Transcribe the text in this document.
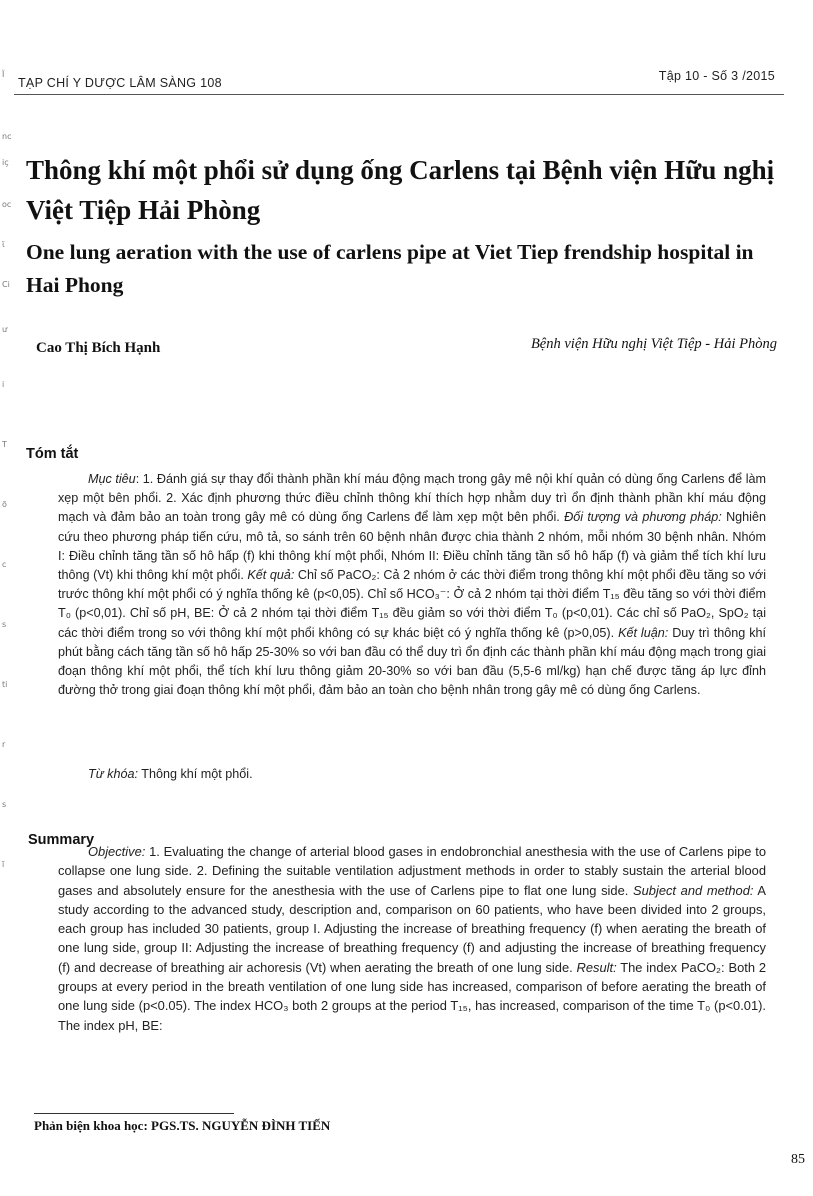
Ϊ
nc
iç
oc
ϊ
Ci
ư
i
T
õ
c
s
ti
r
s
ĩ
TẠP CHÍ Y DƯỢC LÂM SÀNG 108	Tập 10 - Số 3 /2015
Thông khí một phổi sử dụng ống Carlens tại Bệnh viện Hữu nghị Việt Tiệp Hải Phòng
One lung aeration with the use of carlens pipe at Viet Tiep frendship hospital in Hai Phong
Cao Thị Bích Hạnh	Bệnh viện Hữu nghị Việt Tiệp - Hải Phòng
Tóm tắt
Mục tiêu: 1. Đánh giá sự thay đổi thành phần khí máu động mạch trong gây mê nội khí quản có dùng ống Carlens để làm xẹp một bên phổi. 2. Xác định phương thức điều chỉnh thông khí thích hợp nhằm duy trì ổn định thành phần khí máu động mạch và đảm bảo an toàn trong gây mê có dùng ống Carlens để làm xẹp một bên phổi. Đối tượng và phương pháp: Nghiên cứu theo phương pháp tiến cứu, mô tả, so sánh trên 60 bệnh nhân được chia thành 2 nhóm, mỗi nhóm 30 bệnh nhân. Nhóm I: Điều chỉnh tăng tần số hô hấp (f) khi thông khí một phổi, Nhóm II: Điều chỉnh tăng tần số hô hấp (f) và giảm thể tích khí lưu thông (Vt) khi thông khí một phổi. Kết quả: Chỉ số PaCO₂: Cả 2 nhóm ở các thời điểm trong thông khí một phổi đều tăng so với trước thông khí một phổi có ý nghĩa thống kê (p<0,05). Chỉ số HCO₃⁻: Ở cả 2 nhóm tại thời điểm T₁₅ đều tăng so với thời điểm T₀ (p<0,01). Chỉ số pH, BE: Ở cả 2 nhóm tại thời điểm T₁₅ đều giảm so với thời điểm T₀ (p<0,01). Các chỉ số PaO₂, SpO₂ tại các thời điểm trong so với thông khí một phổi không có sự khác biệt có ý nghĩa thống kê (p>0,05). Kết luận: Duy trì thông khí phút bằng cách tăng tần số hô hấp 25-30% so với ban đầu có thể duy trì ổn định các thành phần khí máu động mạch trong giai đoạn thông khí một phổi, thể tích khí lưu thông giảm 20-30% so với ban đầu (5,5-6 ml/kg) hạn chế được tăng áp lực đỉnh đường thở trong giai đoạn thông khí một phổi, đảm bảo an toàn cho bệnh nhân trong gây mê có dùng ống Carlens.
Từ khóa: Thông khí một phổi.
Summary
Objective: 1. Evaluating the change of arterial blood gases in endobronchial anesthesia with the use of Carlens pipe to collapse one lung side. 2. Defining the suitable ventilation adjustment methods in order to stably sustain the arterial blood gases and absolutely ensure for the anesthesia with the use of Carlens pipe to flat one lung side. Subject and method: A study according to the advanced study, description and, comparison on 60 patients, who have been divided into 2 groups, each group has included 30 patients, group I. Adjusting the increase of breathing frequency (f) when aerating the breath of one lung side, group II: Adjusting the increase of breathing frequency (f) and adjusting the increase of breathing frequency (f) and decrease of breathing air achoresis (Vt) when aerating the breath of one lung side. Result: The index PaCO₂: Both 2 groups at every period in the breath ventilation of one lung side has increased, comparison of before aerating the breath of one lung side (p<0.05). The index HCO₃ both 2 groups at the period T₁₅, has increased, comparison of the time T₀ (p<0.01). The index pH, BE:
Phản biện khoa học: PGS.TS. NGUYỄN ĐÌNH TIẾN
85
